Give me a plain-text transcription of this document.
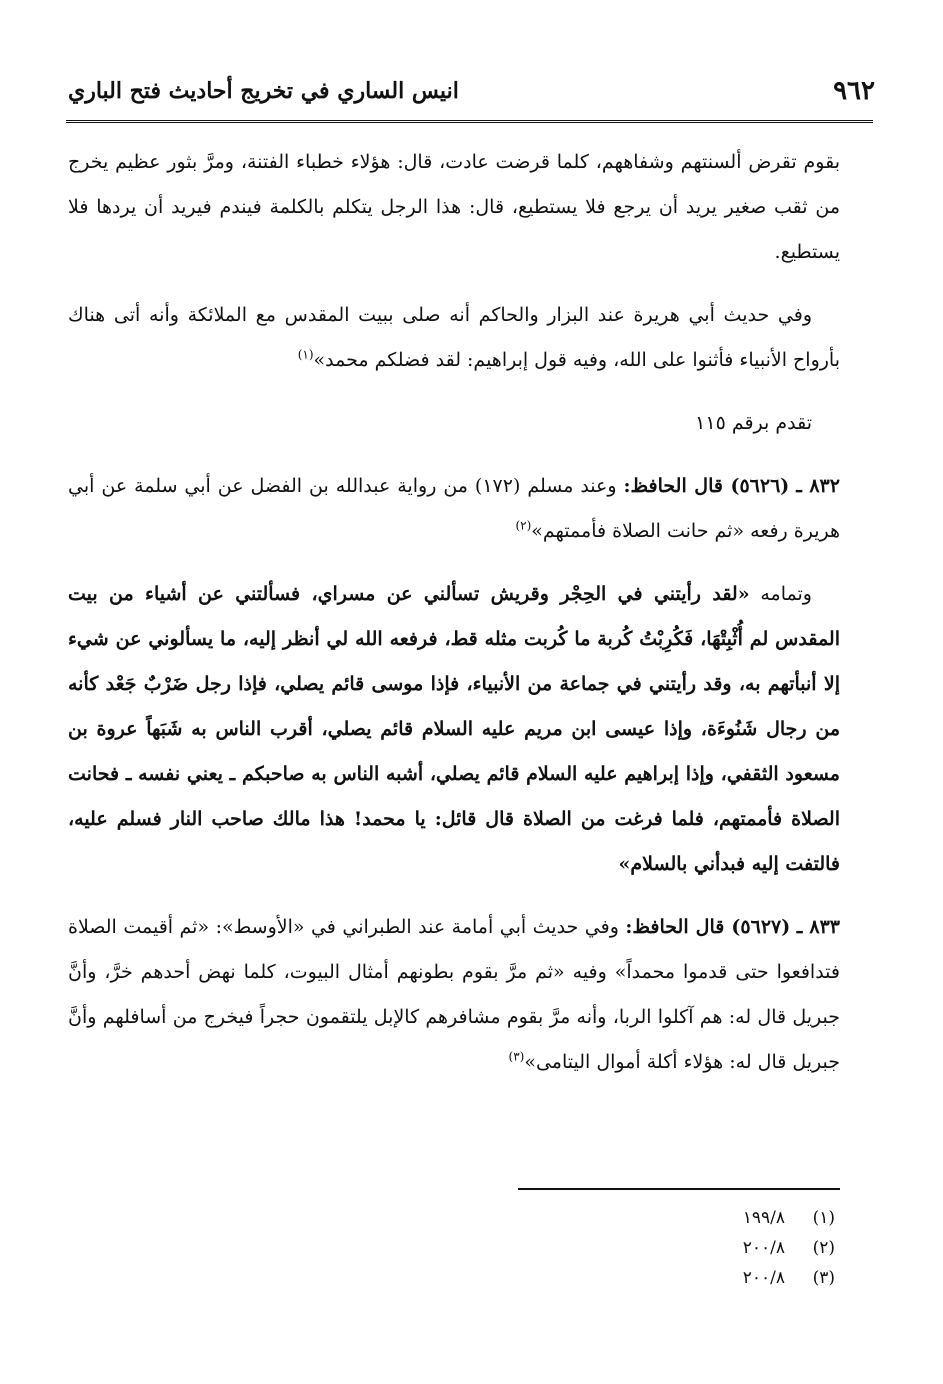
٩٦٢
انيس الساري في تخريج أحاديث فتح الباري

بقوم تقرض ألسنتهم وشفاههم، كلما قرضت عادت، قال: هؤلاء خطباء الفتنة، ومرَّ بثور عظيم يخرج من ثقب صغير يريد أن يرجع فلا يستطيع، قال: هذا الرجل يتكلم بالكلمة فيندم فيريد أن يردها فلا يستطيع.

وفي حديث أبي هريرة عند البزار والحاكم أنه صلى ببيت المقدس مع الملائكة وأنه أتى هناك بأرواح الأنبياء فأثنوا على الله، وفيه قول إبراهيم: لقد فضلكم محمد»$^{(١)}$

تقدم برقم ١١٥

٨٣٢ ـ (٥٦٢٦) قال الحافظ: وعند مسلم (١٧٢) من رواية عبدالله بن الفضل عن أبي سلمة عن أبي هريرة رفعه «ثم حانت الصلاة فأممتهم»$^{(٢)}$

وتمامه «لقد رأيتني في الحِجْر وقريش تسألني عن مسراي، فسألتني عن أشياء من بيت المقدس لم أُثْبِتْهَا، فَكُرِبْتُ كُربة ما كُربت مثله قط، فرفعه الله لي أنظر إليه، ما يسألوني عن شيء إلا أنبأتهم به، وقد رأيتني في جماعة من الأنبياء، فإذا موسى قائم يصلي، فإذا رجل ضَرْبٌ جَعْد كأنه من رجال شَنُوءَة، وإذا عيسى ابن مريم عليه السلام قائم يصلي، أقرب الناس به شَبَهاً عروة بن مسعود الثقفي، وإذا إبراهيم عليه السلام قائم يصلي، أشبه الناس به صاحبكم ـ يعني نفسه ـ فحانت الصلاة فأممتهم، فلما فرغت من الصلاة قال قائل: يا محمد! هذا مالك صاحب النار فسلم عليه، فالتفت إليه فبدأني بالسلام»

٨٣٣ ـ (٥٦٢٧) قال الحافظ: وفي حديث أبي أمامة عند الطبراني في «الأوسط»: «ثم أقيمت الصلاة فتدافعوا حتى قدموا محمداً» وفيه «ثم مرَّ بقوم بطونهم أمثال البيوت، كلما نهض أحدهم خرَّ، وأنَّ جبريل قال له: هم آكلوا الربا، وأنه مرَّ بقوم مشافرهم كالإبل يلتقمون حجراً فيخرج من أسافلهم وأنَّ جبريل قال له: هؤلاء أكلة أموال اليتامى»$^{(٣)}$

(١)
١٩٩/٨
(٢)
٢٠٠/٨
(٣)
٢٠٠/٨
